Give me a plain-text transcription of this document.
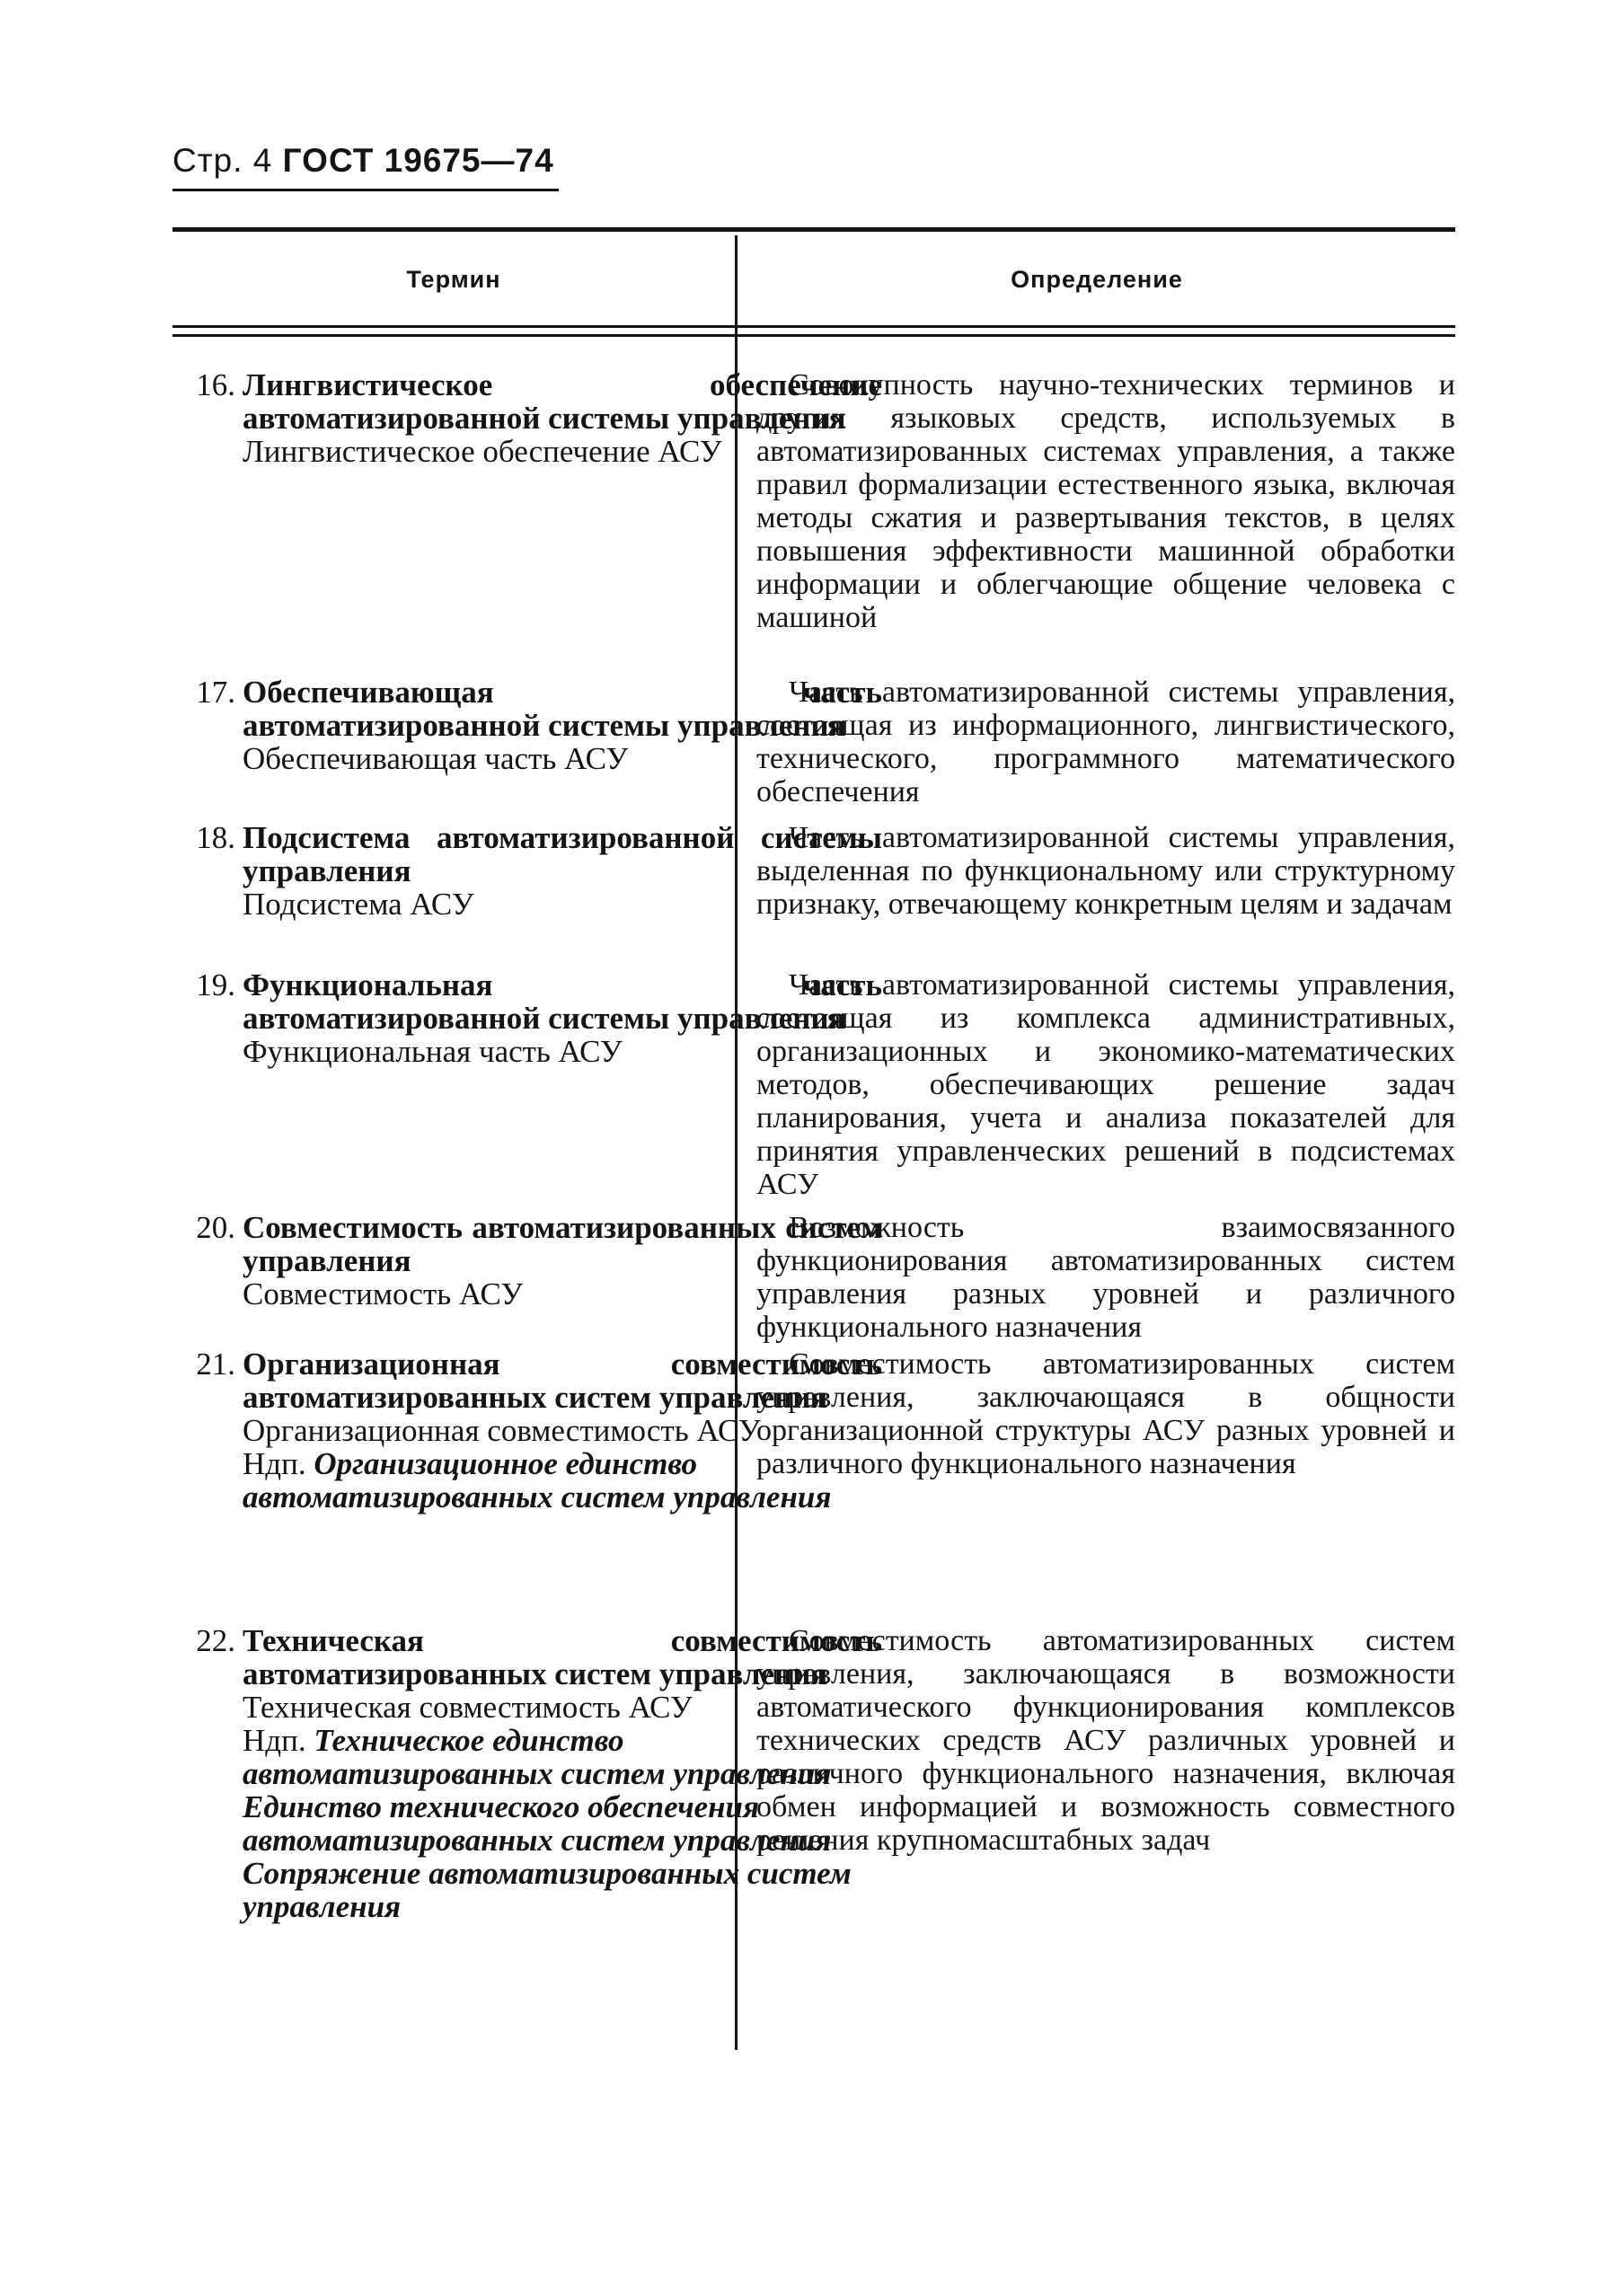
Стр. 4 ГОСТ 19675—74
Термин	Определение
16. Лингвистическое обеспечение автоматизированной системы управления
Лингвистическое обеспечение АСУ
Совокупность научно-технических терминов и других языковых средств, используемых в автоматизированных системах управления, а также правил формализации естественного языка, включая методы сжатия и развертывания текстов, в целях повышения эффективности машинной обработки информации и облегчающие общение человека с машиной
17. Обеспечивающая часть автоматизированной системы управления
Обеспечивающая часть АСУ
Часть автоматизированной системы управления, состоящая из информационного, лингвистического, технического, программного математического обеспечения
18. Подсистема автоматизированной системы управления
Подсистема АСУ
Часть автоматизированной системы управления, выделенная по функциональному или структурному признаку, отвечающему конкретным целям и задачам
19. Функциональная часть автоматизированной системы управления
Функциональная часть АСУ
Часть автоматизированной системы управления, состоящая из комплекса административных, организационных и экономико-математических методов, обеспечивающих решение задач планирования, учета и анализа показателей для принятия управленческих решений в подсистемах АСУ
20. Совместимость автоматизированных систем управления
Совместимость АСУ
Возможность взаимосвязанного функционирования автоматизированных систем управления разных уровней и различного функционального назначения
21. Организационная совместимость автоматизированных систем управления
Организационная совместимость АСУ
Ндп. Организационное единство автоматизированных систем управления
Совместимость автоматизированных систем управления, заключающаяся в общности организационной структуры АСУ разных уровней и различного функционального назначения
22. Техническая совместимость автоматизированных систем управления
Техническая совместимость АСУ
Ндп. Техническое единство автоматизированных систем управления
Единство технического обеспечения автоматизированных систем управления
Сопряжение автоматизированных систем управления
Совместимость автоматизированных систем управления, заключающаяся в возможности автоматического функционирования комплексов технических средств АСУ различных уровней и различного функционального назначения, включая обмен информацией и возможность совместного решения крупномасштабных задач
